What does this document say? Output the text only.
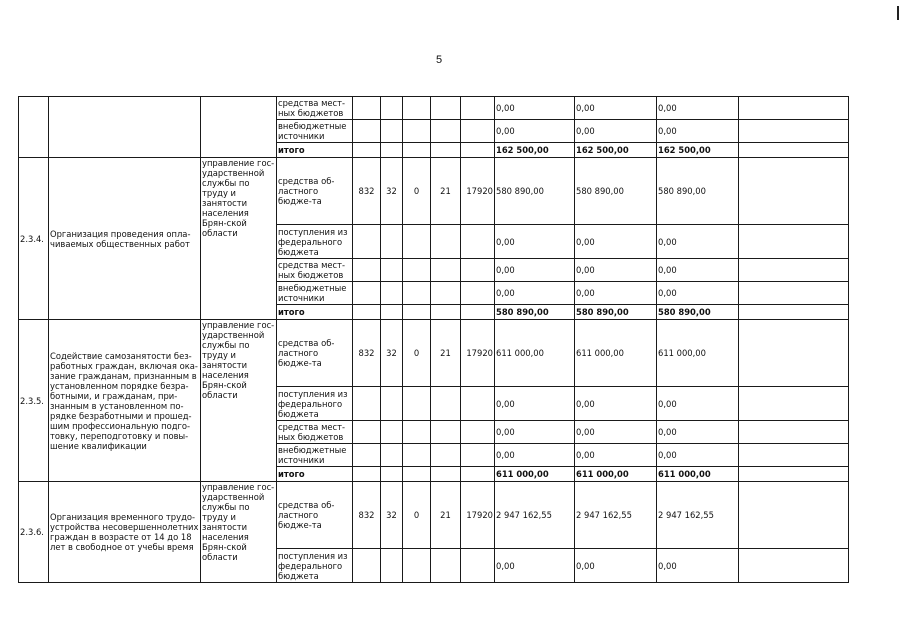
5
			средства мест-ных бюджетов						0,00	0,00	0,00	
			внебюджетные источники						0,00	0,00	0,00	
			итого						162 500,00	162 500,00	162 500,00	
2.3.4.	Организация проведения опла-чиваемых общественных работ	управление гос-ударственной службы по труду и занятости населения Брян-ской области	средства об-ластного бюдже-та	832	32	0	21	17920	580 890,00	580 890,00	580 890,00	
			поступления из федерального бюджета						0,00	0,00	0,00	
			средства мест-ных бюджетов						0,00	0,00	0,00	
			внебюджетные источники						0,00	0,00	0,00	
			итого						580 890,00	580 890,00	580 890,00	
2.3.5.	Содействие самозанятости без-работных граждан, включая ока-зание гражданам, признанным в установленном порядке безра-ботными, и гражданам, при-знанным в установленном по-рядке безработными и прошед-шим профессиональную подго-товку, переподготовку и повы-шение квалификации	управление гос-ударственной службы по труду и занятости населения Брян-ской области	средства об-ластного бюдже-та	832	32	0	21	17920	611 000,00	611 000,00	611 000,00	
			поступления из федерального бюджета						0,00	0,00	0,00	
			средства мест-ных бюджетов						0,00	0,00	0,00	
			внебюджетные источники						0,00	0,00	0,00	
			итого						611 000,00	611 000,00	611 000,00	
2.3.6.	Организация временного трудо-устройства несовершеннолетних граждан в возрасте от 14 до 18 лет в свободное от учебы время	управление гос-ударственной службы по труду и занятости населения Брян-ской области	средства об-ластного бюдже-та	832	32	0	21	17920	2 947 162,55	2 947 162,55	2 947 162,55	
			поступления из федерального бюджета						0,00	0,00	0,00	
